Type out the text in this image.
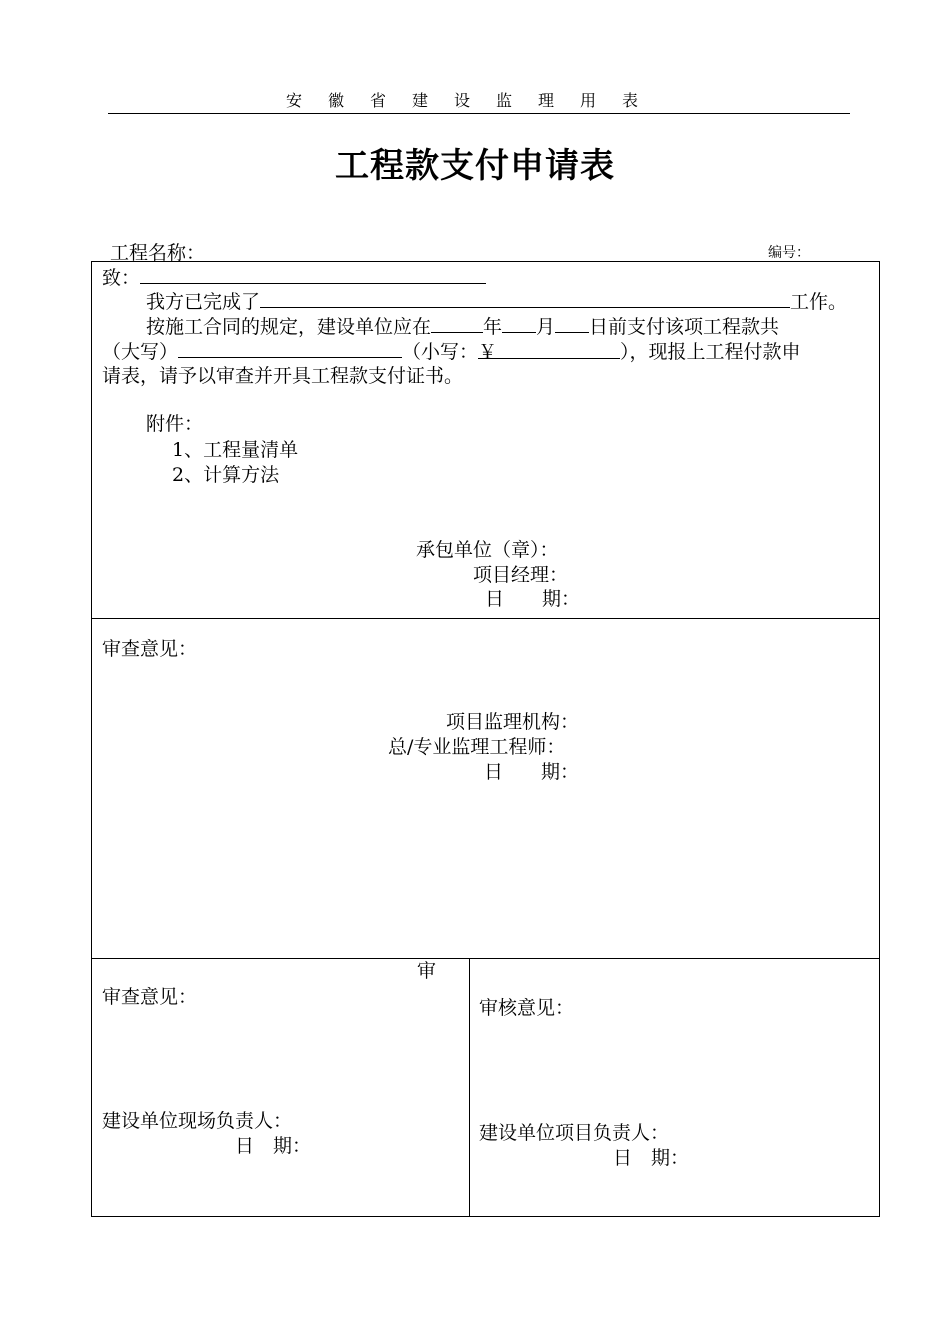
安徽省建设监理用表
工程款支付申请表
工程名称：	编号：
致：
我方已完成了	工作。
按施工合同的规定，建设单位应在	年 月 日前支付该项工程款共
（大写）	（小写：￥	），现报上工程付款申
请表，请予以审查并开具工程款支付证书。
附件：
1、工程量清单
2、计算方法
承包单位（章）：
项目经理：
日　　期：
审查意见：
项目监理机构：
总/专业监理工程师：
日　　期：
审
审查意见：
建设单位现场负责人：
日　期：
审核意见：
建设单位项目负责人：
日　期：
